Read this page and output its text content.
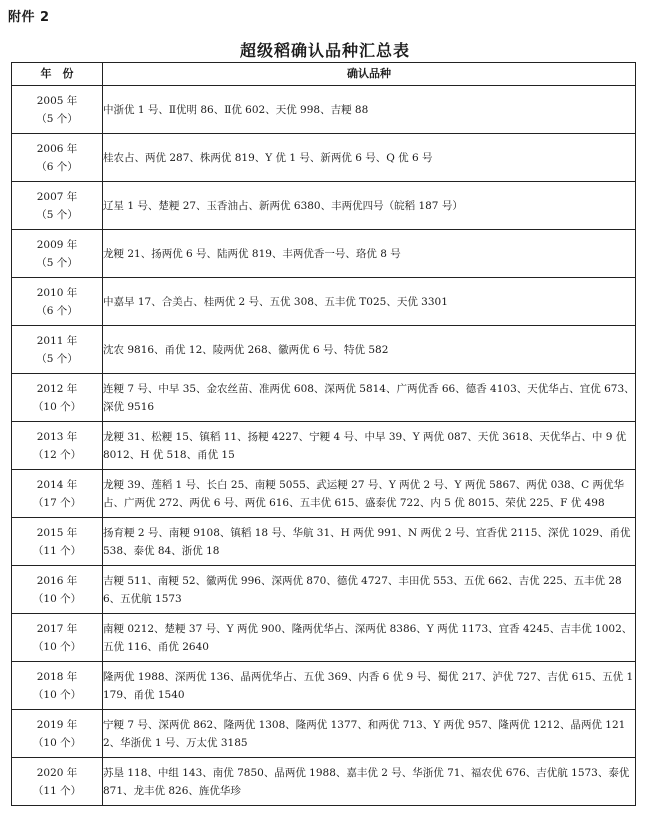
附件 2
超级稻确认品种汇总表
年　份	确认品种

2005 年
（5 个）	中浙优 1 号、Ⅱ优明 86、Ⅱ优 602、天优 998、吉粳 88

2006 年
（6 个）	桂农占、两优 287、株两优 819、Y 优 1 号、新两优 6 号、Q 优 6 号

2007 年
（5 个）	辽星 1 号、楚粳 27、玉香油占、新两优 6380、丰两优四号（皖稻 187 号）

2009 年
（5 个）	龙粳 21、扬两优 6 号、陆两优 819、丰两优香一号、珞优 8 号

2010 年
（6 个）	中嘉早 17、合美占、桂两优 2 号、五优 308、五丰优 T025、天优 3301

2011 年
（5 个）	沈农 9816、甬优 12、陵两优 268、徽两优 6 号、特优 582

2012 年
（10 个）	连粳 7 号、中早 35、金农丝苗、准两优 608、深两优 5814、广两优香 66、德香 4103、天优华占、宜优 673、深优 9516

2013 年
（12 个）	龙粳 31、松粳 15、镇稻 11、扬粳 4227、宁粳 4 号、中早 39、Y 两优 087、天优 3618、天优华占、中 9 优 8012、H 优 518、甬优 15

2014 年
（17 个）	龙粳 39、莲稻 1 号、长白 25、南粳 5055、武运粳 27 号、Y 两优 2 号、Y 两优 5867、两优 038、C 两优华占、广两优 272、两优 6 号、两优 616、五丰优 615、盛泰优 722、内 5 优 8015、荣优 225、F 优 498

2015 年
（11 个）	扬育粳 2 号、南粳 9108、镇稻 18 号、华航 31、H 两优 991、N 两优 2 号、宜香优 2115、深优 1029、甬优 538、泰优 84、浙优 18

2016 年
（10 个）	吉粳 511、南粳 52、徽两优 996、深两优 870、德优 4727、丰田优 553、五优 662、吉优 225、五丰优 286、五优航 1573

2017 年
（10 个）	南粳 0212、楚粳 37 号、Y 两优 900、隆两优华占、深两优 8386、Y 两优 1173、宜香 4245、吉丰优 1002、五优 116、甬优 2640

2018 年
（10 个）	隆两优 1988、深两优 136、晶两优华占、五优 369、内香 6 优 9 号、蜀优 217、泸优 727、吉优 615、五优 1179、甬优 1540

2019 年
（10 个）	宁粳 7 号、深两优 862、隆两优 1308、隆两优 1377、和两优 713、Y 两优 957、隆两优 1212、晶两优 1212、华浙优 1 号、万太优 3185

2020 年
（11 个）	苏垦 118、中组 143、南优 7850、晶两优 1988、嘉丰优 2 号、华浙优 71、福农优 676、吉优航 1573、泰优 871、龙丰优 826、旌优华珍
